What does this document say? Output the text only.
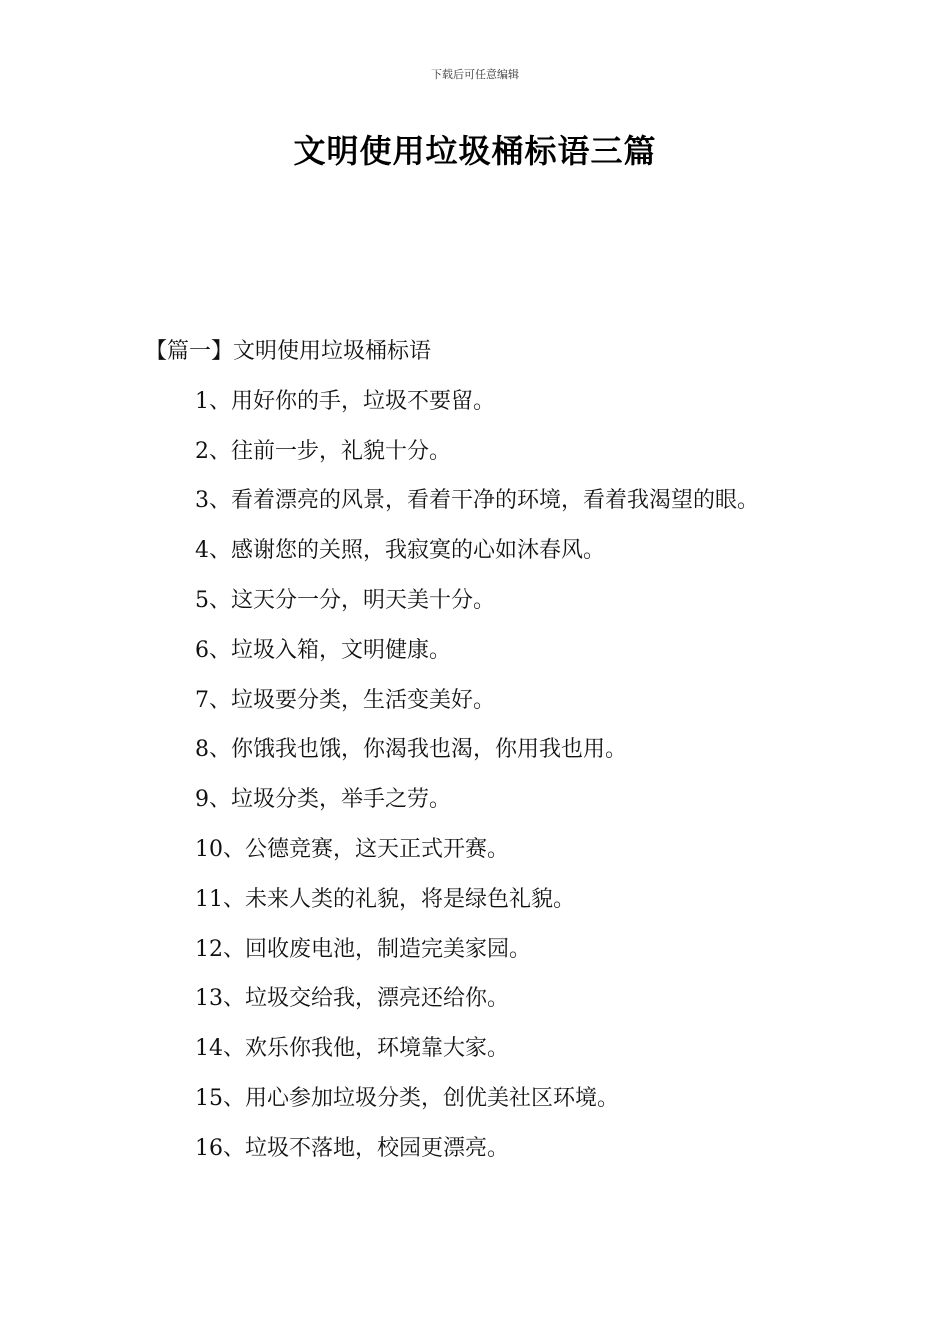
下载后可任意编辑
文明使用垃圾桶标语三篇

【篇一】文明使用垃圾桶标语

1、用好你的手，垃圾不要留。

2、往前一步，礼貌十分。

3、看着漂亮的风景，看着干净的环境，看着我渴望的眼。

4、感谢您的关照，我寂寞的心如沐春风。

5、这天分一分，明天美十分。

6、垃圾入箱，文明健康。

7、垃圾要分类，生活变美好。

8、你饿我也饿，你渴我也渴，你用我也用。

9、垃圾分类，举手之劳。

10、公德竞赛，这天正式开赛。

11、未来人类的礼貌，将是绿色礼貌。

12、回收废电池，制造完美家园。

13、垃圾交给我，漂亮还给你。

14、欢乐你我他，环境靠大家。

15、用心参加垃圾分类，创优美社区环境。

16、垃圾不落地，校园更漂亮。
